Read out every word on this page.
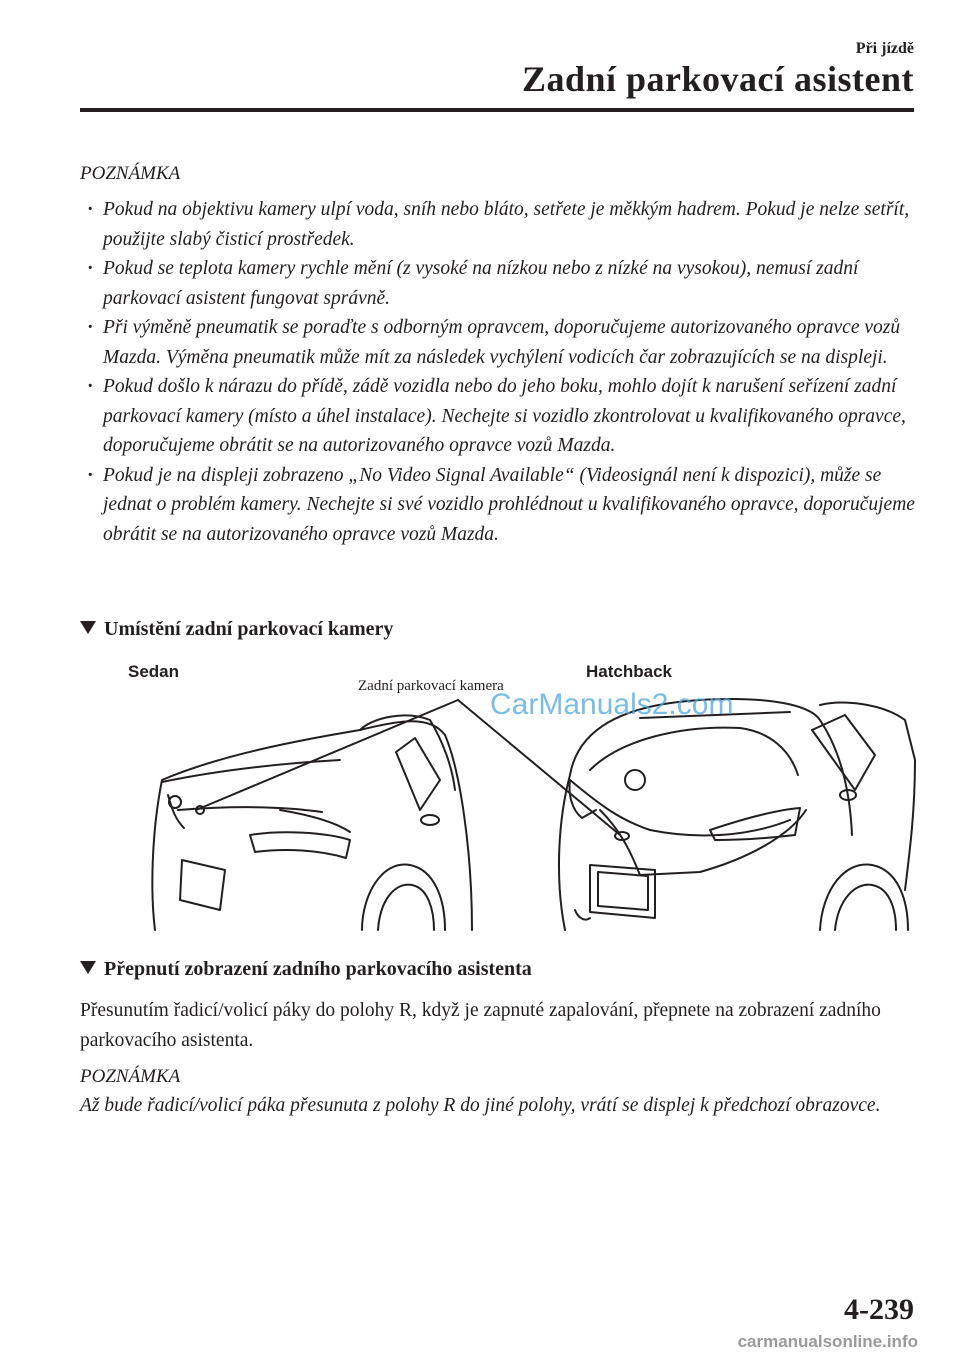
Při jízdě
Zadní parkovací asistent
POZNÁMKA
· Pokud na objektivu kamery ulpí voda, sníh nebo bláto, setřete je měkkým hadrem. Pokud je nelze setřít, použijte slabý čisticí prostředek.
· Pokud se teplota kamery rychle mění (z vysoké na nízkou nebo z nízké na vysokou), nemusí zadní parkovací asistent fungovat správně.
· Při výměně pneumatik se poraďte s odborným opravcem, doporučujeme autorizovaného opravce vozů Mazda. Výměna pneumatik může mít za následek vychýlení vodicích čar zobrazujících se na displeji.
· Pokud došlo k nárazu do přídě, zádě vozidla nebo do jeho boku, mohlo dojít k narušení seřízení zadní parkovací kamery (místo a úhel instalace). Nechejte si vozidlo zkontrolovat u kvalifikovaného opravce, doporučujeme obrátit se na autorizovaného opravce vozů Mazda.
· Pokud je na displeji zobrazeno „No Video Signal Available“ (Videosignál není k dispozici), může se jednat o problém kamery. Nechejte si své vozidlo prohlédnout u kvalifikovaného opravce, doporučujeme obrátit se na autorizovaného opravce vozů Mazda.
Umístění zadní parkovací kamery
Sedan	Hatchback
Zadní parkovací kamera
CarManuals2.com
Přepnutí zobrazení zadního parkovacího asistenta
Přesunutím řadicí/volicí páky do polohy R, když je zapnuté zapalování, přepnete na zobrazení zadního parkovacího asistenta.
POZNÁMKA
Až bude řadicí/volicí páka přesunuta z polohy R do jiné polohy, vrátí se displej k předchozí obrazovce.
4-239
carmanualsonline.info
